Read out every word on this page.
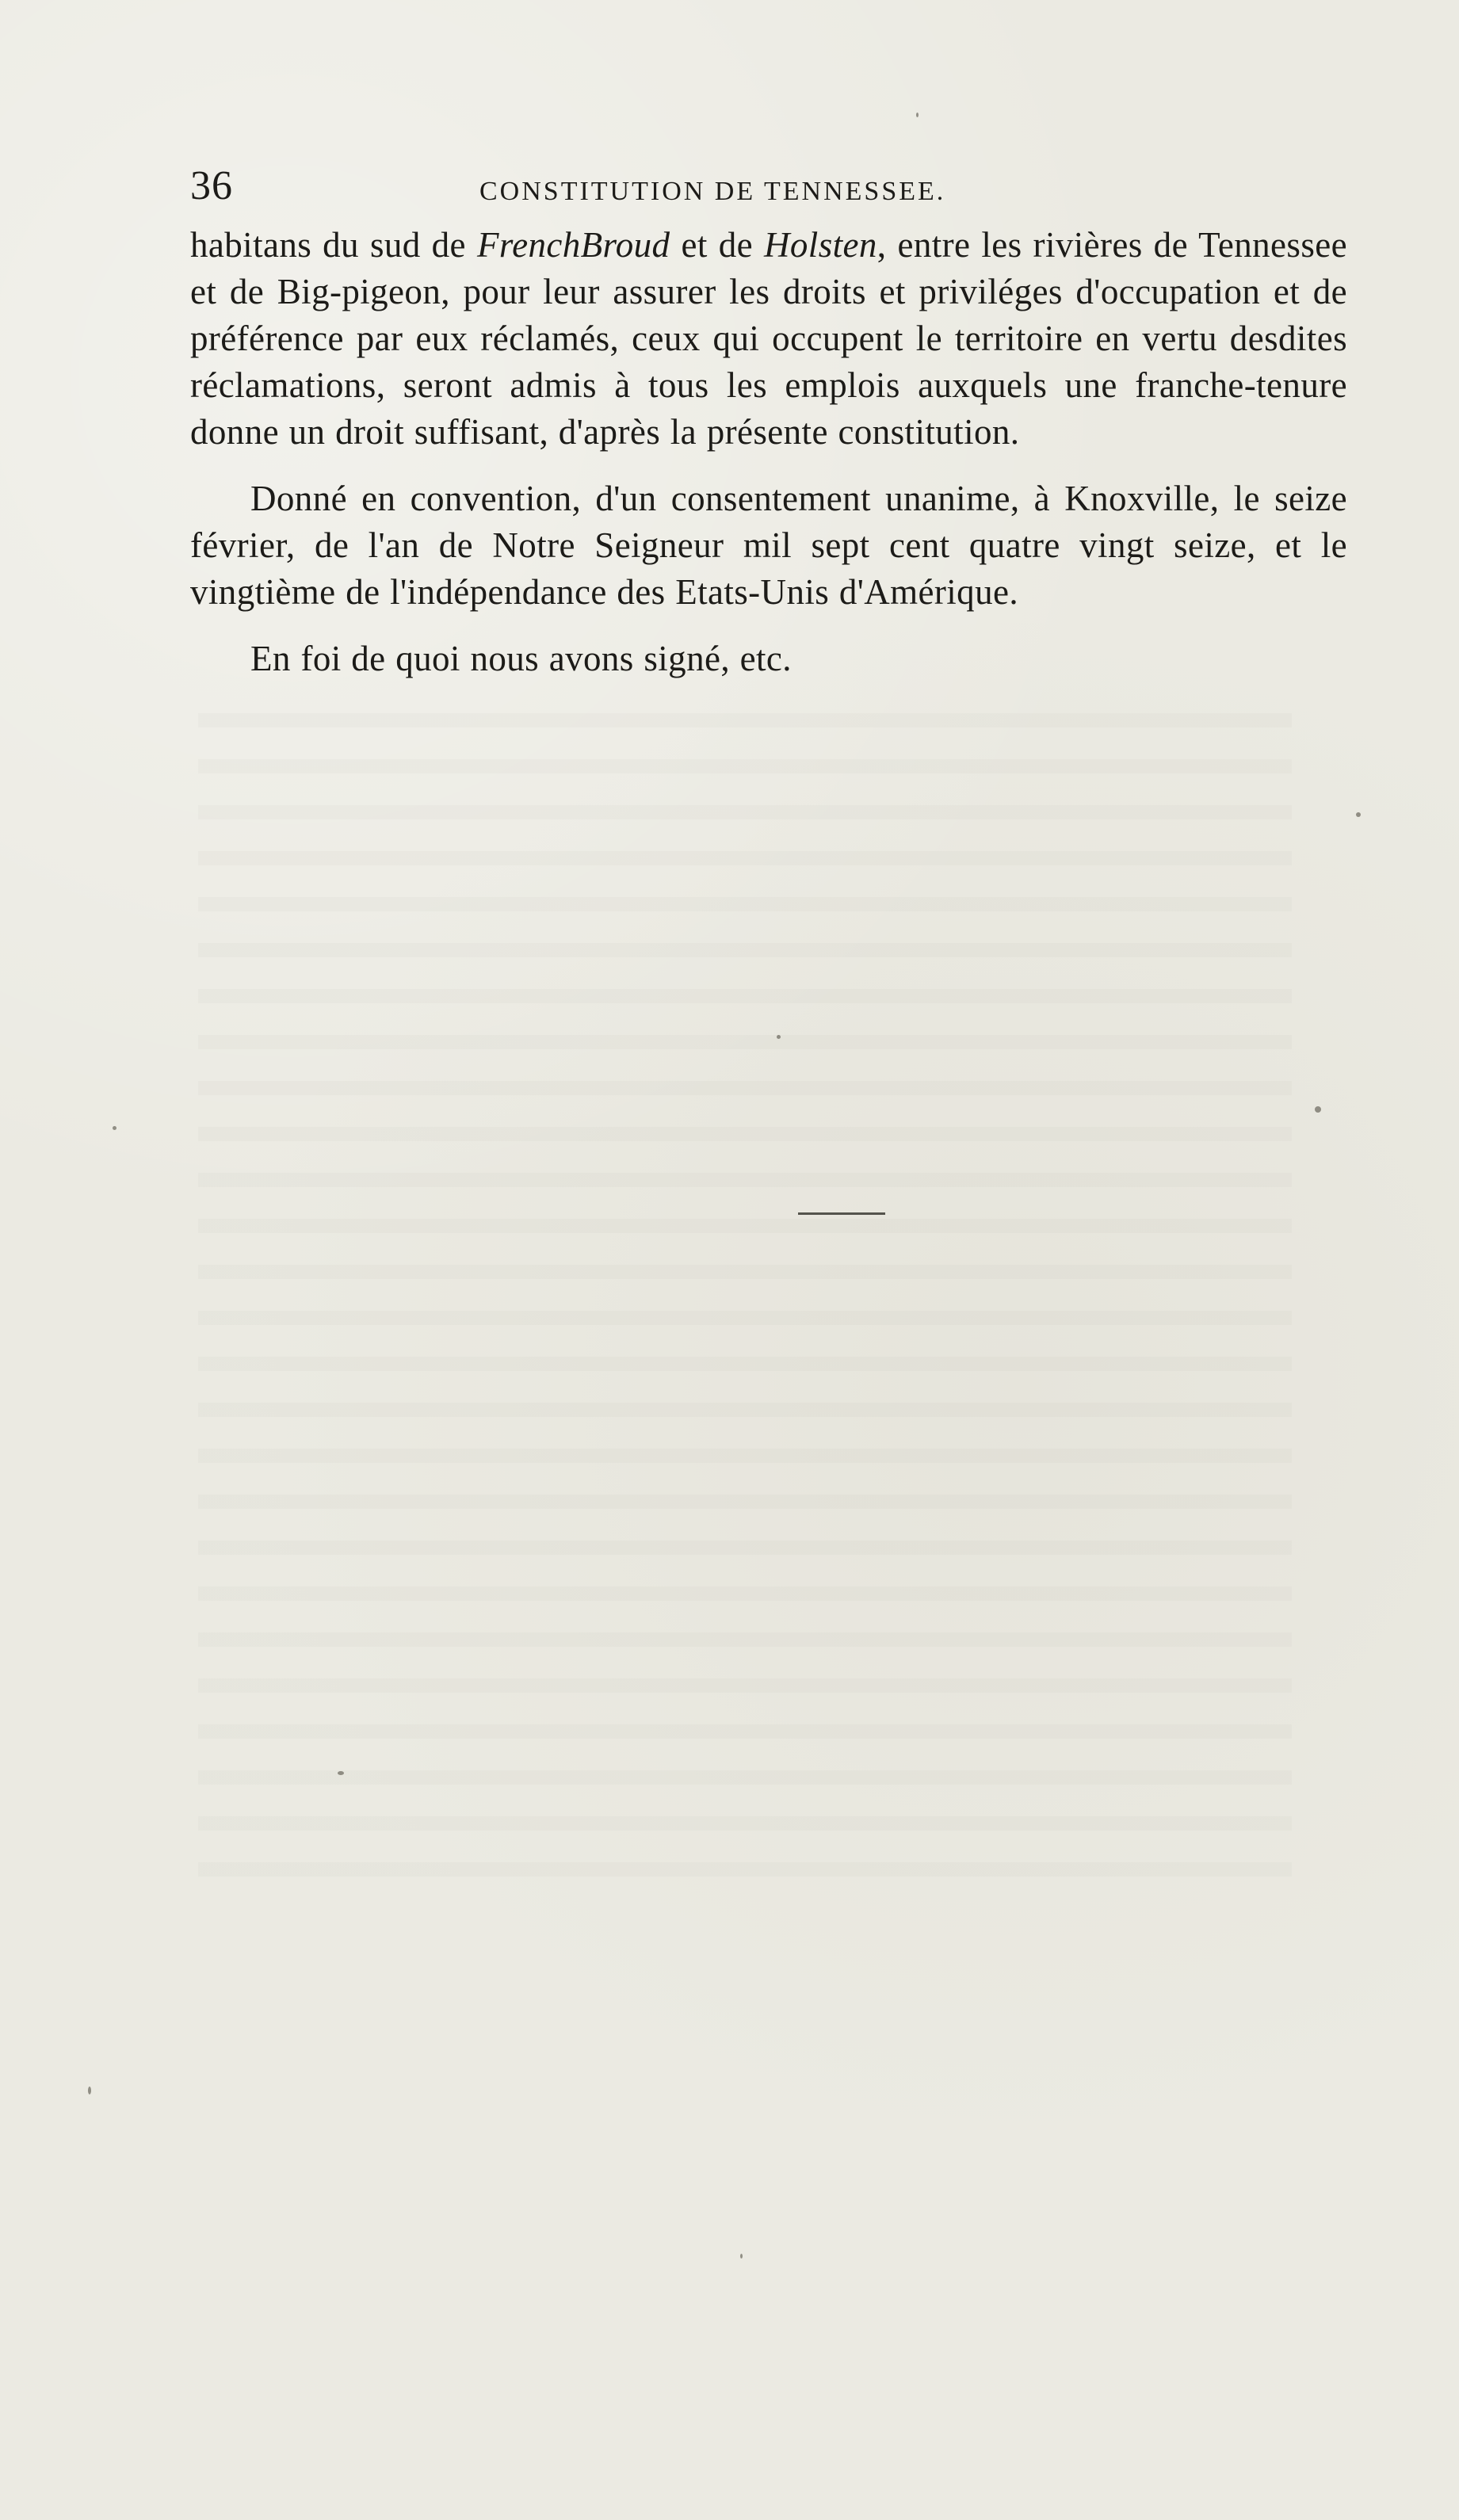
36	CONSTITUTION DE TENNESSEE.

habitans du sud de FrenchBroud et de Holsten, entre les rivières de Tennessee et de Big-pigeon, pour leur assurer les droits et priviléges d'occupation et de préférence par eux réclamés, ceux qui occupent le territoire en vertu desdites réclamations, seront admis à tous les emplois auxquels une franche-tenure donne un droit suffisant, d'après la présente constitution.

Donné en convention, d'un consentement unanime, à Knoxville, le seize février, de l'an de Notre Seigneur mil sept cent quatre vingt seize, et le vingtième de l'indépendance des Etats-Unis d'Amérique.

En foi de quoi nous avons signé, etc.
